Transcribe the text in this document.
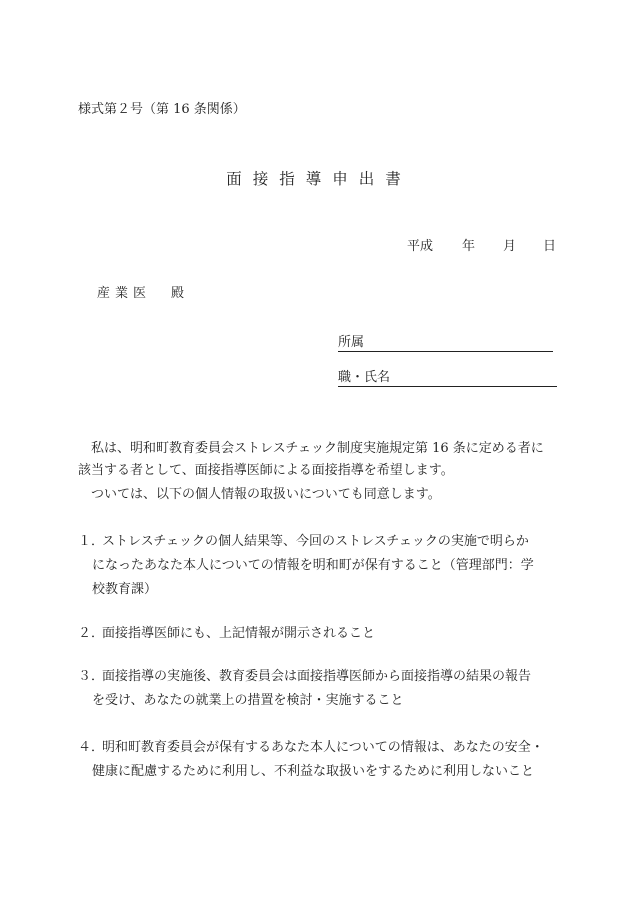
様式第２号（第 16 条関係）
面接指導申出書
平成 年 月 日
産業医 殿
所属
職・氏名
　私は、明和町教育委員会ストレスチェック制度実施規定第 16 条に定める者に
該当する者として、面接指導医師による面接指導を希望します。
　ついては、以下の個人情報の取扱いについても同意します。
１．ストレスチェックの個人結果等、今回のストレスチェックの実施で明らか
になったあなた本人についての情報を明和町が保有すること（管理部門：学
校教育課）
２．面接指導医師にも、上記情報が開示されること
３．面接指導の実施後、教育委員会は面接指導医師から面接指導の結果の報告
を受け、あなたの就業上の措置を検討・実施すること
４．明和町教育委員会が保有するあなた本人についての情報は、あなたの安全・
健康に配慮するために利用し、不利益な取扱いをするために利用しないこと
